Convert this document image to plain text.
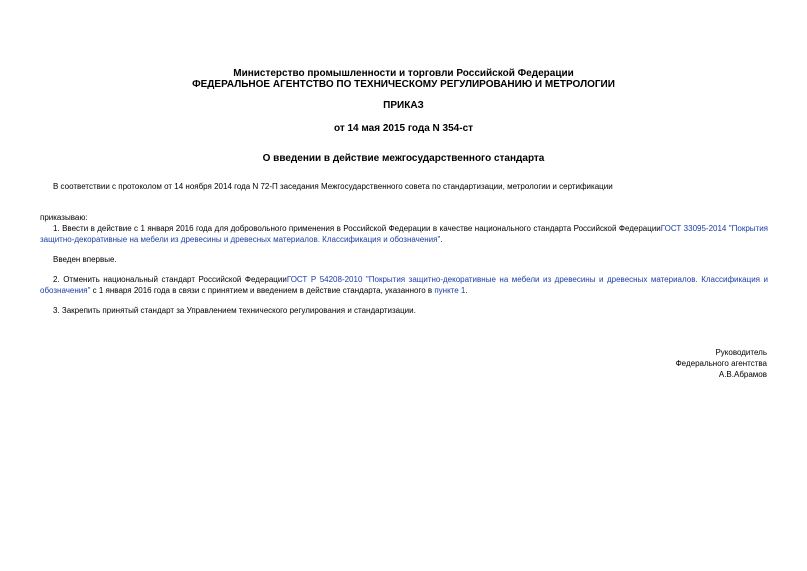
Министерство промышленности и торговли Российской Федерации
ФЕДЕРАЛЬНОЕ АГЕНТСТВО ПО ТЕХНИЧЕСКОМУ РЕГУЛИРОВАНИЮ И МЕТРОЛОГИИ
ПРИКАЗ
от 14 мая 2015 года N 354-ст
О введении в действие межгосударственного стандарта
В соответствии с протоколом от 14 ноября 2014 года N 72-П заседания Межгосударственного совета по стандартизации, метрологии и сертификации
приказываю:
1. Ввести в действие с 1 января 2016 года для добровольного применения в Российской Федерации в качестве национального стандарта Российской ФедерацииГОСТ 33095-2014 "Покрытия защитно-декоративные на мебели из древесины и древесных материалов. Классификация и обозначения".
Введен впервые.
2. Отменить национальный стандарт Российской ФедерацииГОСТ Р 54208-2010 "Покрытия защитно-декоративные на мебели из древесины и древесных материалов. Классификация и обозначения" с 1 января 2016 года в связи с принятием и введением в действие стандарта, указанного в пункте 1.
3. Закрепить принятый стандарт за Управлением технического регулирования и стандартизации.
Руководитель
Федерального агентства
А.В.Абрамов
